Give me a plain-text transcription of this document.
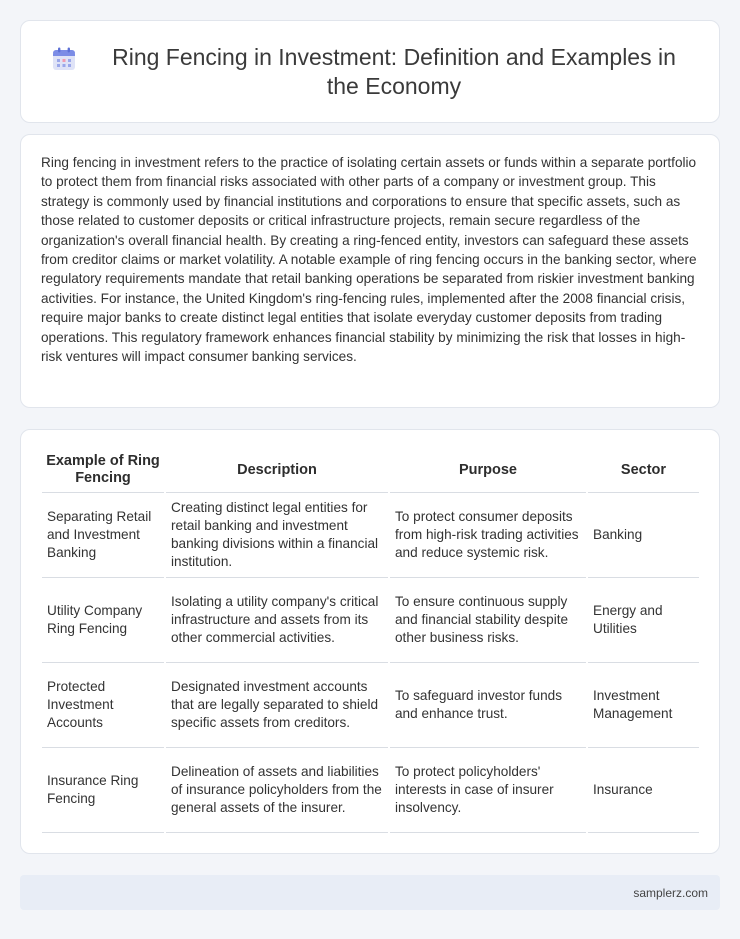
Ring Fencing in Investment: Definition and Examples in the Economy

Ring fencing in investment refers to the practice of isolating certain assets or funds within a separate portfolio to protect them from financial risks associated with other parts of a company or investment group. This strategy is commonly used by financial institutions and corporations to ensure that specific assets, such as those related to customer deposits or critical infrastructure projects, remain secure regardless of the organization's overall financial health. By creating a ring-fenced entity, investors can safeguard these assets from creditor claims or market volatility. A notable example of ring fencing occurs in the banking sector, where regulatory requirements mandate that retail banking operations be separated from riskier investment banking activities. For instance, the United Kingdom's ring-fencing rules, implemented after the 2008 financial crisis, require major banks to create distinct legal entities that isolate everyday customer deposits from trading operations. This regulatory framework enhances financial stability by minimizing the risk that losses in high-risk ventures will impact consumer banking services.

Example of Ring Fencing	Description	Purpose	Sector
Separating Retail and Investment Banking	Creating distinct legal entities for retail banking and investment banking divisions within a financial institution.	To protect consumer deposits from high-risk trading activities and reduce systemic risk.	Banking
Utility Company Ring Fencing	Isolating a utility company's critical infrastructure and assets from its other commercial activities.	To ensure continuous supply and financial stability despite other business risks.	Energy and Utilities
Protected Investment Accounts	Designated investment accounts that are legally separated to shield specific assets from creditors.	To safeguard investor funds and enhance trust.	Investment Management
Insurance Ring Fencing	Delineation of assets and liabilities of insurance policyholders from the general assets of the insurer.	To protect policyholders' interests in case of insurer insolvency.	Insurance
samplerz.com
